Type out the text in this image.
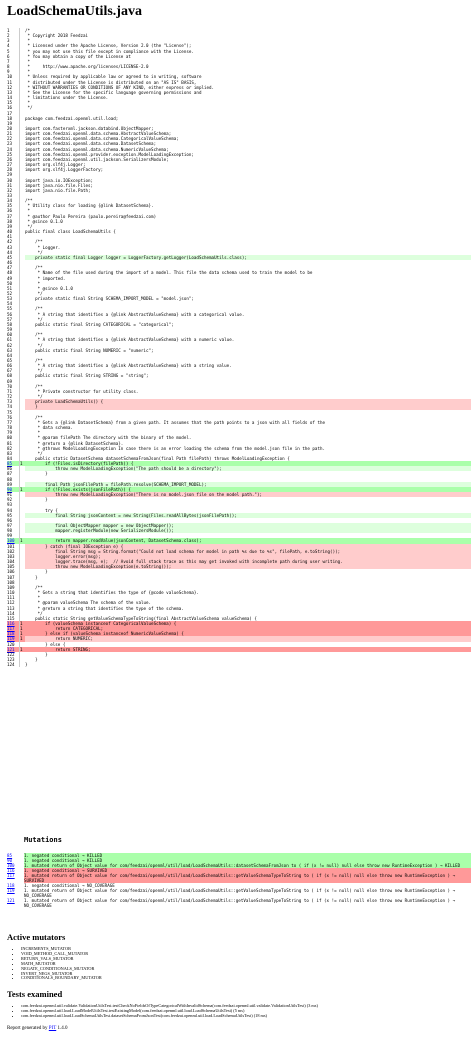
LoadSchemaUtils.java
1		/*

2		* Copyright 2018 Feedzai

3		*

4		* Licensed under the Apache License, Version 2.0 (the "License");

5		* you may not use this file except in compliance with the License.

6		* You may obtain a copy of the License at

7		*

8		*     http://www.apache.org/licenses/LICENSE-2.0

9		*

10		* Unless required by applicable law or agreed to in writing, software

11		* distributed under the License is distributed on an "AS IS" BASIS,

12		* WITHOUT WARRANTIES OR CONDITIONS OF ANY KIND, either express or implied.

13		* See the License for the specific language governing permissions and

14		* limitations under the License.

15		*

16		*/

17		

18		package com.feedzai.openml.util.load;

19		

20		import com.fasterxml.jackson.databind.ObjectMapper;

21		import com.feedzai.openml.data.schema.AbstractValueSchema;

22		import com.feedzai.openml.data.schema.CategoricalValueSchema;

23		import com.feedzai.openml.data.schema.DatasetSchema;

24		import com.feedzai.openml.data.schema.NumericValueSchema;

25		import com.feedzai.openml.provider.exception.ModelLoadingException;

26		import com.feedzai.openml.util.jackson.SerializersModule;

27		import org.slf4j.Logger;

28		import org.slf4j.LoggerFactory;

29		

30		import java.io.IOException;

31		import java.nio.file.Files;

32		import java.nio.file.Path;

33		

34		/**

35		* Utility class for loading {@link DatasetSchema}.

36		*

37		* @author Paulo Pereira (paulo.pereira@feedzai.com)

38		* @since 0.1.0

39		*/

40		public final class LoadSchemaUtils {

41		

42		/**

43		* Logger.

44		*/

45		private static final Logger logger = LoggerFactory.getLogger(LoadSchemaUtils.class);

46		

47		/**

48		* Name of the file used during the import of a model. This file the data schema used to train the model to be

49		* imported.

50		*

51		* @since 0.1.0

52		*/

53		private static final String SCHEMA_IMPORT_MODEL = "model.json";

54		

55		/**

56		* A string that identifies a {@link AbstractValueSchema} with a categorical value.

57		*/

58		public static final String CATEGORICAL = "categorical";

59		

60		/**

61		* A string that identifies a {@link AbstractValueSchema} with a numeric value.

62		*/

63		public static final String NUMERIC = "numeric";

64		

65		/**

66		* A string that identifies a {@link AbstractValueSchema} with a string value.

67		*/

68		public static final String STRING = "string";

69		

70		/**

71		* Private constructor for utility class.

72		*/

73		private LoadSchemaUtils() {

74		}

75		

76		/**

77		* Gets a {@link DatasetSchema} from a given path. It assumes that the path points to a json with all fields of the

78		* data schema.

79		*

80		* @param filePath The directory with the binary of the model.

81		* @return a {@link DatasetSchema}.

82		* @throws ModelLoadingException In case there is an error loading the schema from the model.json file in the path.

83		*/

84		public static DatasetSchema datasetSchemaFromJson(final Path filePath) throws ModelLoadingException {

85	1	if (!Files.isDirectory(filePath)) {

86		throw new ModelLoadingException("The path should be a directory");

87		}

88		

89		final Path jsonFilePath = filePath.resolve(SCHEMA_IMPORT_MODEL);

90	1	if (!Files.exists(jsonFilePath)) {

91		throw new ModelLoadingException("There is no model.json file on the model path.");

92		}

93		

94		try {

95		final String jsonContent = new String(Files.readAllBytes(jsonFilePath));

96		

97		final ObjectMapper mapper = new ObjectMapper();

98		mapper.registerModule(new SerializersModule());

99		

100	1	return mapper.readValue(jsonContent, DatasetSchema.class);

101		} catch (final IOException e) {

102		final String msg = String.format("Could not load schema for model in path %s due to %s", filePath, e.toString());

103		logger.error(msg);

104		logger.trace(msg, e);  // Avoid full stack trace as this may get invoked with incomplete path during user writing.

105		throw new ModelLoadingException(e.toString());

106		}

107		}

108		

109		/**

110		* Gets a string that identifies the type of {@code valueSchema}.

111		*

112		* @param valueSchema The schema of the value.

113		* @return a string that identifies the type of the schema.

114		*/

115		public static String getValueSchemaTypeToString(final AbstractValueSchema valueSchema) {

116	1	if (valueSchema instanceof CategoricalValueSchema) {

117	1	return CATEGORICAL;

118	1	} else if (valueSchema instanceof NumericValueSchema) {

119	1	return NUMERIC;

120		} else {

121	1	return STRING;

122		}

123		}

124		}
Mutations
85	1. negated conditional → KILLED

90	1. negated conditional → KILLED

100	1. mutated return of Object value for com/feedzai/openml/util/load/LoadSchemaUtils::datasetSchemaFromJson to ( if (x != null) null else throw new RuntimeException ) → KILLED

116	1. negated conditional → SURVIVED

117	1. mutated return of Object value for com/feedzai/openml/util/load/LoadSchemaUtils::getValueSchemaTypeToString to ( if (x != null) null else throw new RuntimeException ) → SURVIVED

118	1. negated conditional → NO_COVERAGE

119	1. mutated return of Object value for com/feedzai/openml/util/load/LoadSchemaUtils::getValueSchemaTypeToString to ( if (x != null) null else throw new RuntimeException ) → NO_COVERAGE

121	1. mutated return of Object value for com/feedzai/openml/util/load/LoadSchemaUtils::getValueSchemaTypeToString to ( if (x != null) null else throw new RuntimeException ) → NO_COVERAGE
Active mutators
• INCREMENTS_MUTATOR
• VOID_METHOD_CALL_MUTATOR
• RETURN_VALS_MUTATOR
• MATH_MUTATOR
• NEGATE_CONDITIONALS_MUTATOR
• INVERT_NEGS_MUTATOR
• CONDITIONALS_BOUNDARY_MUTATOR
Tests examined
• com.feedzai.openml.util.validate.ValidationUtilsTest.testCheckNoFieldsOfTypeCategoricalWithInvalidSchema(com.feedzai.openml.util.validate.ValidationUtilsTest) (3 ms)
• com.feedzai.openml.util.load.LoadModelUtilsTest.testExistingModel(com.feedzai.openml.util.load.LoadSchemaUtilsTest) (5 ms)
• com.feedzai.openml.util.load.LoadSchemaUtilsTest.datasetSchemaFromJsonTest(com.feedzai.openml.util.load.LoadSchemaUtilsTest) (18 ms)
Report generated by PIT 1.4.0
